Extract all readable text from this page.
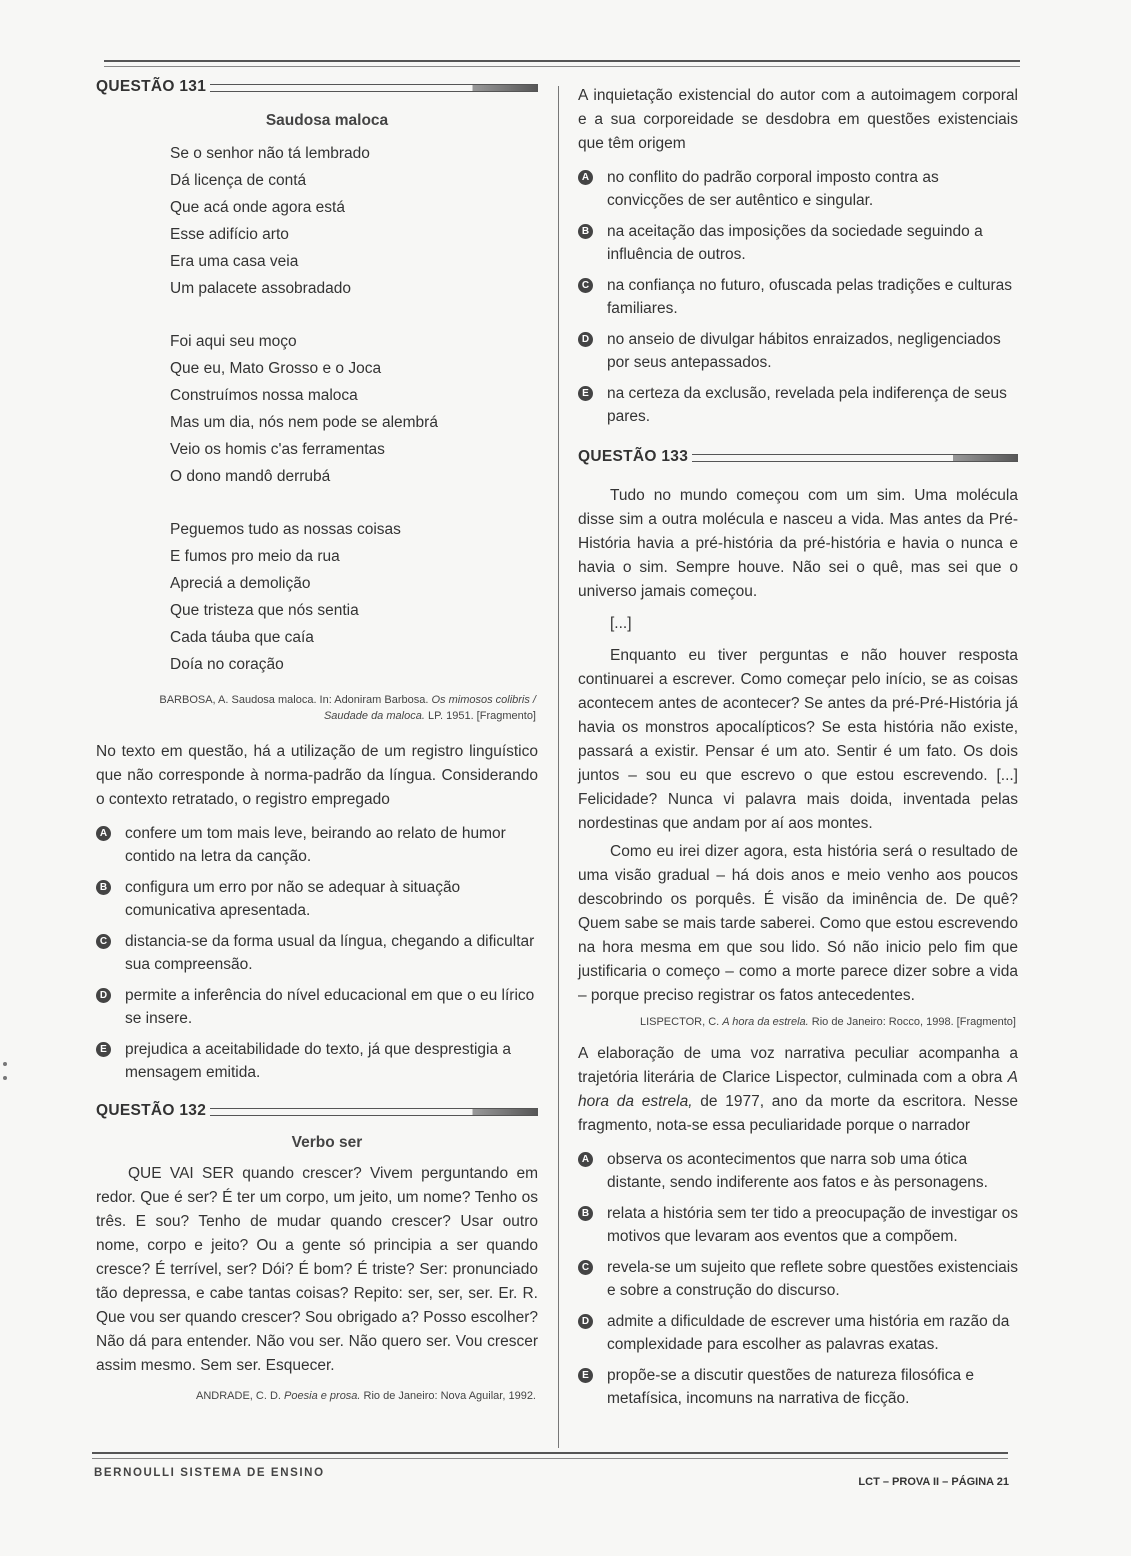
QUESTÃO 131
Saudosa maloca
Se o senhor não tá lembrado
Dá licença de contá
Que acá onde agora está
Esse adifício arto
Era uma casa veia
Um palacete assobradado
Foi aqui seu moço
Que eu, Mato Grosso e o Joca
Construímos nossa maloca
Mas um dia, nós nem pode se alembrá
Veio os homis c'as ferramentas
O dono mandô derrubá
Peguemos tudo as nossas coisas
E fumos pro meio da rua
Apreciá a demolição
Que tristeza que nós sentia
Cada táuba que caía
Doía no coração
BARBOSA, A. Saudosa maloca. In: Adoniram Barbosa. Os mimosos colibris / Saudade da maloca. LP. 1951. [Fragmento]
No texto em questão, há a utilização de um registro linguístico que não corresponde à norma-padrão da língua. Considerando o contexto retratado, o registro empregado
A confere um tom mais leve, beirando ao relato de humor contido na letra da canção.
B configura um erro por não se adequar à situação comunicativa apresentada.
C distancia-se da forma usual da língua, chegando a dificultar sua compreensão.
D permite a inferência do nível educacional em que o eu lírico se insere.
E prejudica a aceitabilidade do texto, já que desprestigia a mensagem emitida.
QUESTÃO 132
Verbo ser

QUE VAI SER quando crescer? Vivem perguntando em redor. Que é ser? É ter um corpo, um jeito, um nome? Tenho os três. E sou? Tenho de mudar quando crescer? Usar outro nome, corpo e jeito? Ou a gente só principia a ser quando cresce? É terrível, ser? Dói? É bom? É triste? Ser: pronunciado tão depressa, e cabe tantas coisas? Repito: ser, ser, ser. Er. R. Que vou ser quando crescer? Sou obrigado a? Posso escolher? Não dá para entender. Não vou ser. Não quero ser. Vou crescer assim mesmo. Sem ser. Esquecer.

ANDRADE, C. D. Poesia e prosa. Rio de Janeiro: Nova Aguilar, 1992.
A inquietação existencial do autor com a autoimagem corporal e a sua corporeidade se desdobra em questões existenciais que têm origem
A no conflito do padrão corporal imposto contra as convicções de ser autêntico e singular.
B na aceitação das imposições da sociedade seguindo a influência de outros.
C na confiança no futuro, ofuscada pelas tradições e culturas familiares.
D no anseio de divulgar hábitos enraizados, negligenciados por seus antepassados.
E na certeza da exclusão, revelada pela indiferença de seus pares.
QUESTÃO 133

Tudo no mundo começou com um sim. Uma molécula disse sim a outra molécula e nasceu a vida. Mas antes da Pré-História havia a pré-história da pré-história e havia o nunca e havia o sim. Sempre houve. Não sei o quê, mas sei que o universo jamais começou.

[...]

Enquanto eu tiver perguntas e não houver resposta continuarei a escrever. Como começar pelo início, se as coisas acontecem antes de acontecer? Se antes da pré-Pré-História já havia os monstros apocalípticos? Se esta história não existe, passará a existir. Pensar é um ato. Sentir é um fato. Os dois juntos – sou eu que escrevo o que estou escrevendo. [...] Felicidade? Nunca vi palavra mais doida, inventada pelas nordestinas que andam por aí aos montes.

Como eu irei dizer agora, esta história será o resultado de uma visão gradual – há dois anos e meio venho aos poucos descobrindo os porquês. É visão da iminência de. De quê? Quem sabe se mais tarde saberei. Como que estou escrevendo na hora mesma em que sou lido. Só não inicio pelo fim que justificaria o começo – como a morte parece dizer sobre a vida – porque preciso registrar os fatos antecedentes.

LISPECTOR, C. A hora da estrela. Rio de Janeiro: Rocco, 1998. [Fragmento]
A elaboração de uma voz narrativa peculiar acompanha a trajetória literária de Clarice Lispector, culminada com a obra A hora da estrela, de 1977, ano da morte da escritora. Nesse fragmento, nota-se essa peculiaridade porque o narrador
A observa os acontecimentos que narra sob uma ótica distante, sendo indiferente aos fatos e às personagens.
B relata a história sem ter tido a preocupação de investigar os motivos que levaram aos eventos que a compõem.
C revela-se um sujeito que reflete sobre questões existenciais e sobre a construção do discurso.
D admite a dificuldade de escrever uma história em razão da complexidade para escolher as palavras exatas.
E propõe-se a discutir questões de natureza filosófica e metafísica, incomuns na narrativa de ficção.
BERNOULLI SISTEMA DE ENSINO
LCT – PROVA II – PÁGINA 21
